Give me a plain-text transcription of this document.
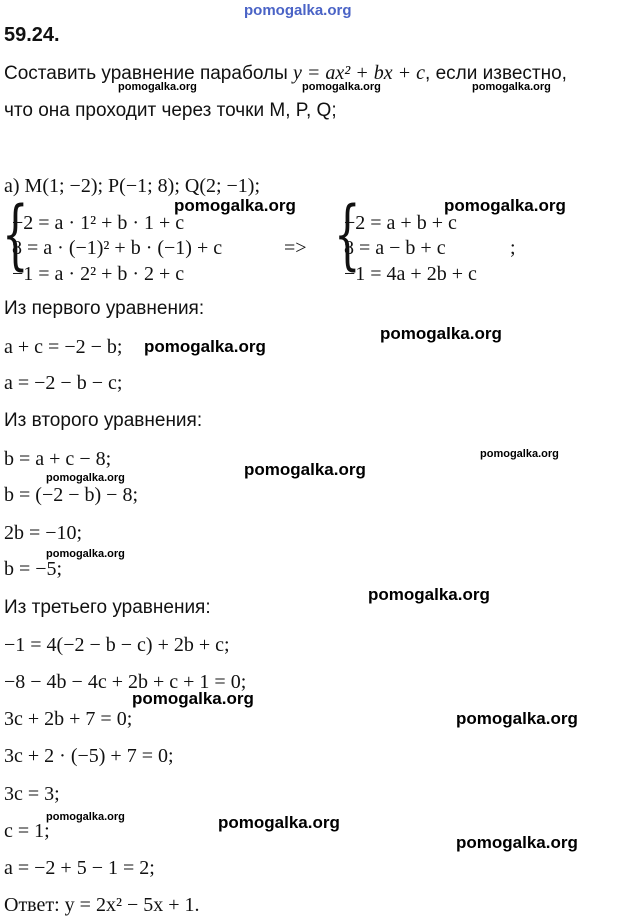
pomogalka.org
59.24.
Составить уравнение параболы y = ax² + bx + c, если известно,
pomogalka.org	pomogalka.org	pomogalka.org
что она проходит через точки M, P, Q;
а) M(1; −2); P(−1; 8); Q(2; −1);
{
−2 = a · 1² + b · 1 + c
8 = a · (−1)² + b · (−1) + c
−1 = a · 2² + b · 2 + c
pomogalka.org
=> {
−2 = a + b + c
8 = a − b + c
−1 = 4a + 2b + c
;
pomogalka.org
Из первого уравнения:
pomogalka.org
a + c = −2 − b; pomogalka.org
a = −2 − b − c;
Из второго уравнения:
b = a + c − 8;	pomogalka.org
pomogalka.org
pomogalka.org
b = (−2 − b) − 8;
2b = −10;
pomogalka.org
b = −5;
pomogalka.org
Из третьего уравнения:
−1 = 4(−2 − b − c) + 2b + c;
−8 − 4b − 4c + 2b + c + 1 = 0;
pomogalka.org
3c + 2b + 7 = 0;	pomogalka.org
3c + 2 · (−5) + 7 = 0;
3c = 3;
pomogalka.org	pomogalka.org
c = 1;
pomogalka.org
a = −2 + 5 − 1 = 2;
Ответ: y = 2x² − 5x + 1.
